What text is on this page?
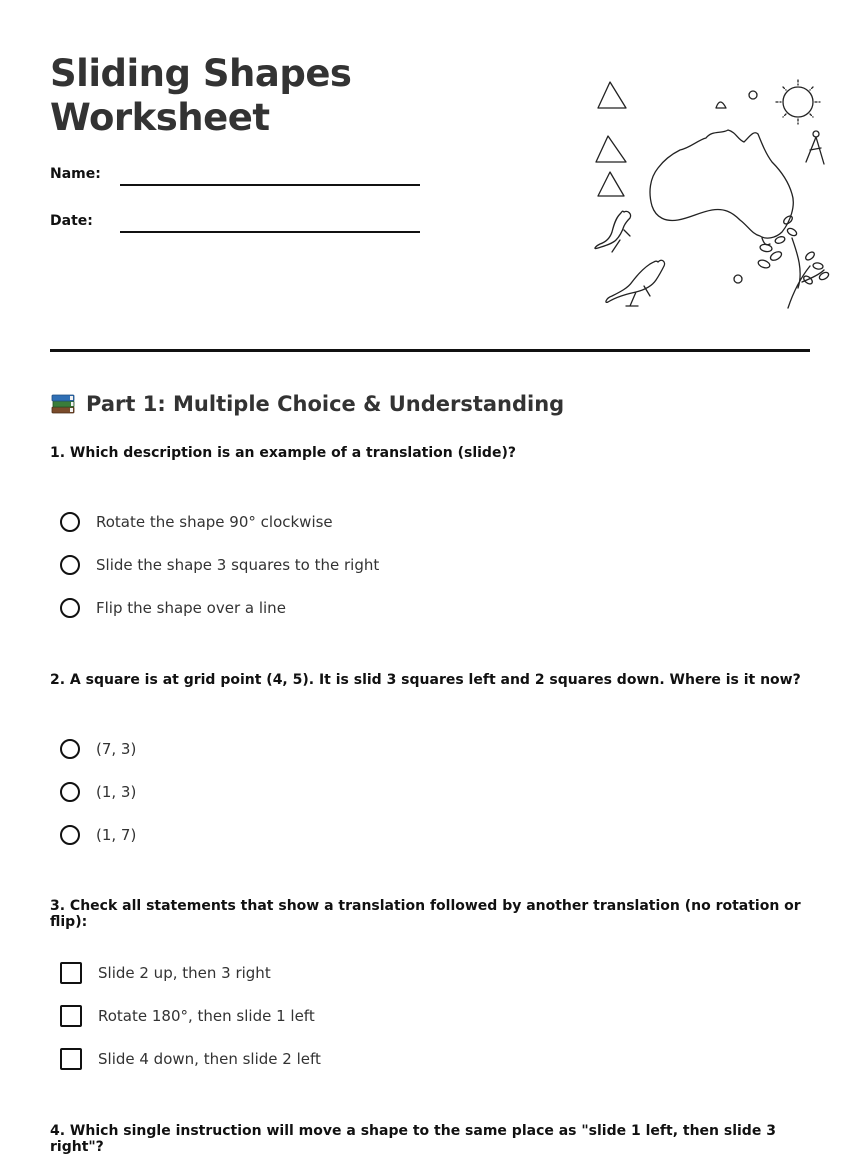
Sliding Shapes
Worksheet
Name:
Date:
Part 1: Multiple Choice & Understanding
1. Which description is an example of a translation (slide)?
Rotate the shape 90° clockwise
Slide the shape 3 squares to the right
Flip the shape over a line
2. A square is at grid point (4, 5). It is slid 3 squares left and 2 squares down. Where is it now?
(7, 3)
(1, 3)
(1, 7)
3. Check all statements that show a translation followed by another translation (no rotation or flip):
Slide 2 up, then 3 right
Rotate 180°, then slide 1 left
Slide 4 down, then slide 2 left
4. Which single instruction will move a shape to the same place as "slide 1 left, then slide 3 right"?
